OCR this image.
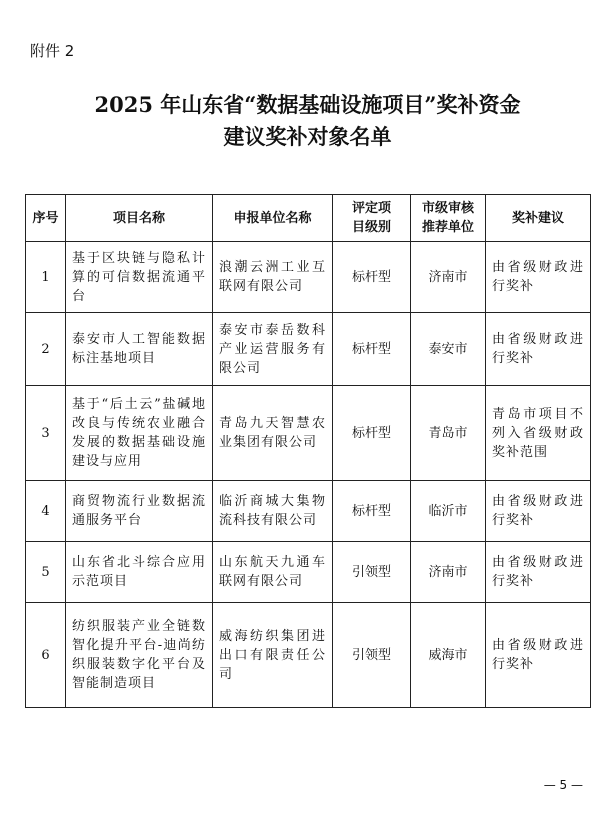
附件 2
2025 年山东省“数据基础设施项目”奖补资金
建议奖补对象名单
序号	项目名称	申报单位名称	评定项目级别	市级审核推荐单位	奖补建议
1	基于区块链与隐私计算的可信数据流通平台	浪潮云洲工业互联网有限公司	标杆型	济南市	由省级财政进行奖补
2	泰安市人工智能数据标注基地项目	泰安市泰岳数科产业运营服务有限公司	标杆型	泰安市	由省级财政进行奖补
3	基于“后土云”盐碱地改良与传统农业融合发展的数据基础设施建设与应用	青岛九天智慧农业集团有限公司	标杆型	青岛市	青岛市项目不列入省级财政奖补范围
4	商贸物流行业数据流通服务平台	临沂商城大集物流科技有限公司	标杆型	临沂市	由省级财政进行奖补
5	山东省北斗综合应用示范项目	山东航天九通车联网有限公司	引领型	济南市	由省级财政进行奖补
6	纺织服装产业全链数智化提升平台-迪尚纺织服装数字化平台及智能制造项目	威海纺织集团进出口有限责任公司	引领型	威海市	由省级财政进行奖补
— 5 —
